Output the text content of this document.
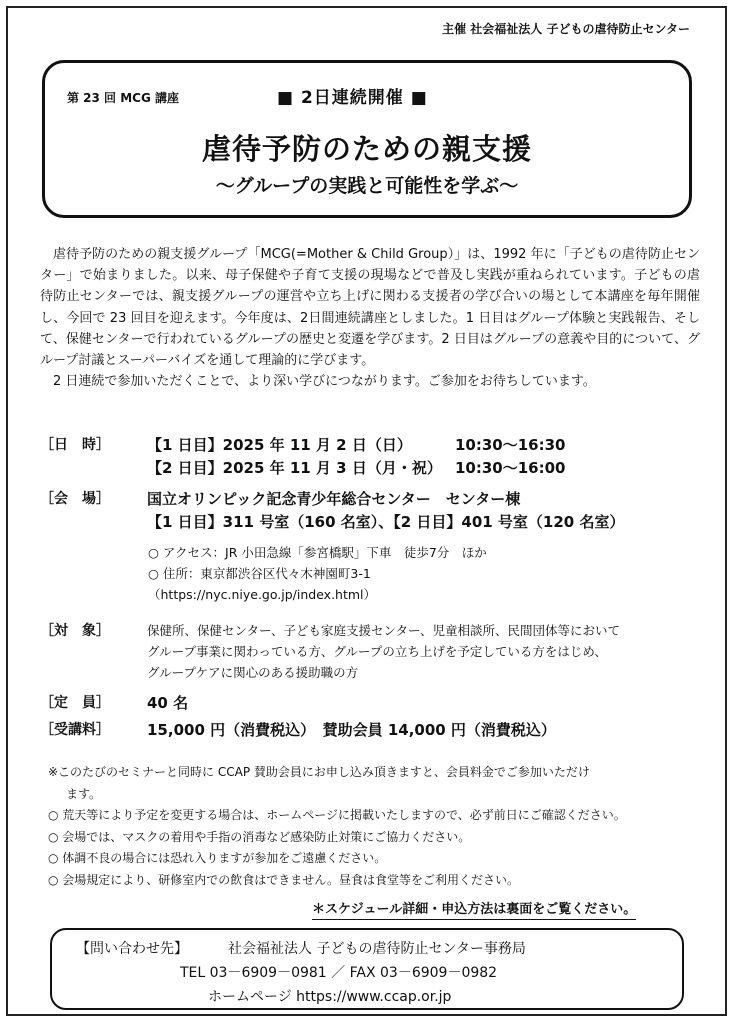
主催 社会福祉法人 子どもの虐待防止センター
第 23 回 MCG 講座	■ 2日連続開催 ■
虐待予防のための親支援
～グループの実践と可能性を学ぶ～

虐待予防のための親支援グループ「MCG(=Mother & Child Group）」は、1992 年に「子どもの虐待防止センター」で始まりました。以来、母子保健や子育て支援の現場などで普及し実践が重ねられています。子どもの虐待防止センターでは、親支援グループの運営や立ち上げに関わる支援者の学び合いの場として本講座を毎年開催し、今回で 23 回目を迎えます。今年度は、2日間連続講座としました。1 日目はグループ体験と実践報告、そして、保健センターで行われているグループの歴史と変遷を学びます。2 日目はグループの意義や目的について、グループ討議とスーパーバイズを通して理論的に学びます。

2 日連続で参加いただくことで、より深い学びにつながります。ご参加をお待ちしています。

［日　時］ 【1 日目】2025 年 11 月 2 日（日）	10:30～16:30
【2 日目】2025 年 11 月 3 日（月・祝） 10:30～16:00
［会　場］ 国立オリンピック記念青少年総合センター　センター棟
【1 日目】311 号室（160 名室）、【2 日目】401 号室（120 名室）
○ アクセス：JR 小田急線「参宮橋駅」下車　徒歩7分　ほか
○ 住所：東京都渋谷区代々木神園町3-1
（https://nyc.niye.go.jp/index.html）
［対　象］	保健所、保健センター、子ども家庭支援センター、児童相談所、民間団体等において
グループ事業に関わっている方、グループの立ち上げを予定している方をはじめ、
グループケアに関心のある援助職の方
［定　員］ 40 名
［受講料］ 15,000 円（消費税込）　賛助会員 14,000 円（消費税込）
※このたびのセミナーと同時に CCAP 賛助会員にお申し込み頂きますと、会員料金でご参加いただけ
ます。
○ 荒天等により予定を変更する場合は、ホームページに掲載いたしますので、必ず前日にご確認ください。
○ 会場では、マスクの着用や手指の消毒など感染防止対策にご協力ください。
○ 体調不良の場合には恐れ入りますが参加をご遠慮ください。
○ 会場規定により、研修室内での飲食はできません。昼食は食堂等をご利用ください。
＊スケジュール詳細・申込方法は裏面をご覧ください。
【問い合わせ先】	社会福祉法人 子どもの虐待防止センター事務局
TEL 03－6909－0981 ／ FAX 03－6909－0982
ホームページ https://www.ccap.or.jp
